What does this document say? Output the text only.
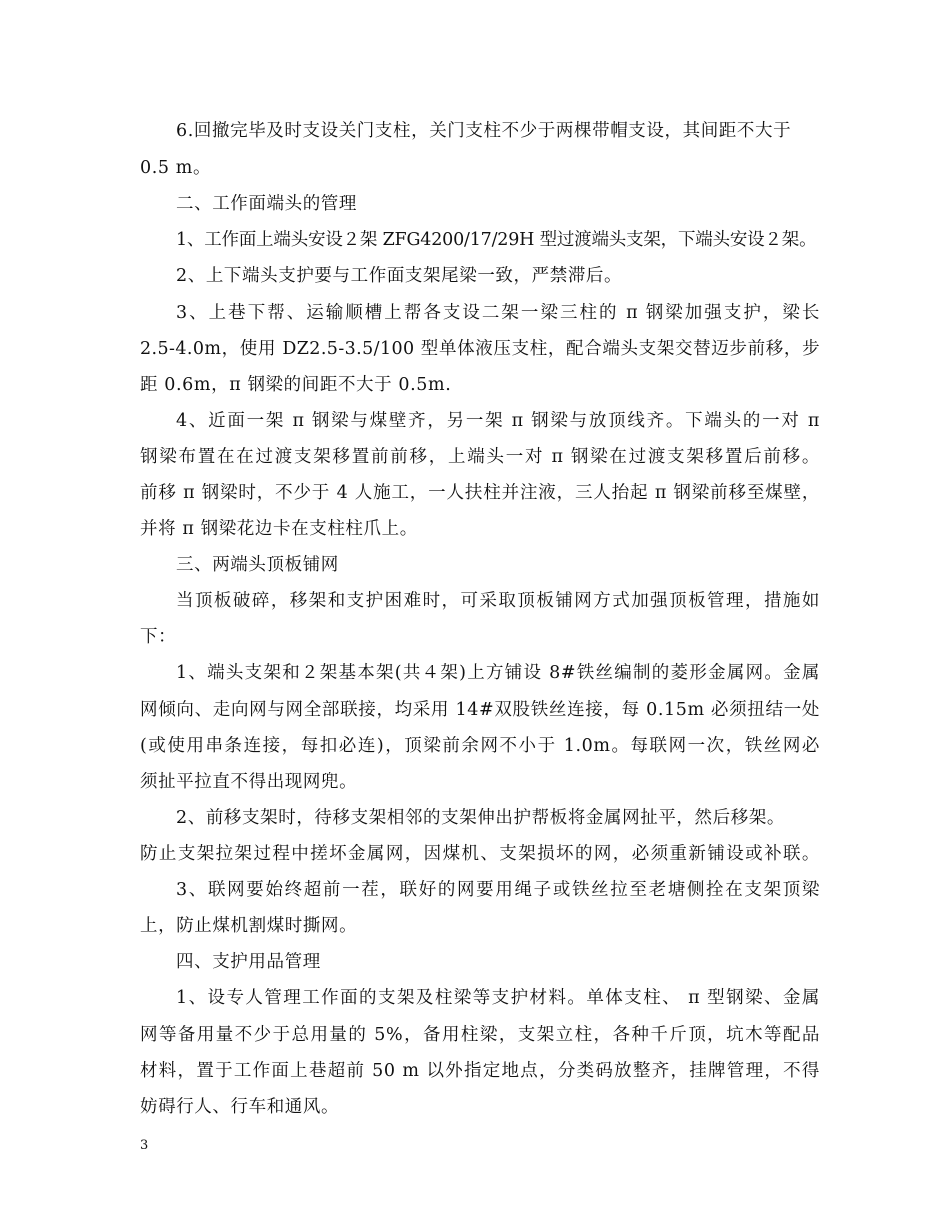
6.回撤完毕及时支设关门支柱，关门支柱不少于两棵带帽支设，其间距不大于
0.5 m。
二、工作面端头的管理
1、工作面上端头安设２架 ZFG4200/17/29H 型过渡端头支架，下端头安设２架。
2、上下端头支护要与工作面支架尾梁一致，严禁滞后。
3、上巷下帮、运输顺槽上帮各支设二架一梁三柱的 π 钢梁加强支护，梁长
2.5-4.0m，使用 DZ2.5-3.5/100 型单体液压支柱，配合端头支架交替迈步前移，步
距 0.6m，π 钢梁的间距不大于 0.5m.
4、近面一架 π 钢梁与煤壁齐，另一架 π 钢梁与放顶线齐。下端头的一对 π
钢梁布置在在过渡支架移置前前移，上端头一对 π 钢梁在过渡支架移置后前移。
前移 π 钢梁时，不少于 4 人施工，一人扶柱并注液，三人抬起 π 钢梁前移至煤壁，
并将 π 钢梁花边卡在支柱柱爪上。
三、两端头顶板铺网
当顶板破碎，移架和支护困难时，可采取顶板铺网方式加强顶板管理，措施如
下：
1、端头支架和２架基本架(共４架)上方铺设 8#铁丝编制的菱形金属网。金属
网倾向、走向网与网全部联接，均采用 14#双股铁丝连接，每 0.15m 必须扭结一处
(或使用串条连接，每扣必连)，顶梁前余网不小于 1.0m。每联网一次，铁丝网必
须扯平拉直不得出现网兜。
2、前移支架时，待移支架相邻的支架伸出护帮板将金属网扯平，然后移架。
防止支架拉架过程中搓坏金属网，因煤机、支架损坏的网，必须重新铺设或补联。
3、联网要始终超前一茬，联好的网要用绳子或铁丝拉至老塘侧拴在支架顶梁
上，防止煤机割煤时撕网。
四、支护用品管理
1、设专人管理工作面的支架及柱梁等支护材料。单体支柱、 π 型钢梁、金属
网等备用量不少于总用量的 5%，备用柱梁，支架立柱，各种千斤顶，坑木等配品
材料，置于工作面上巷超前 50 m 以外指定地点，分类码放整齐，挂牌管理，不得
妨碍行人、行车和通风。
3
